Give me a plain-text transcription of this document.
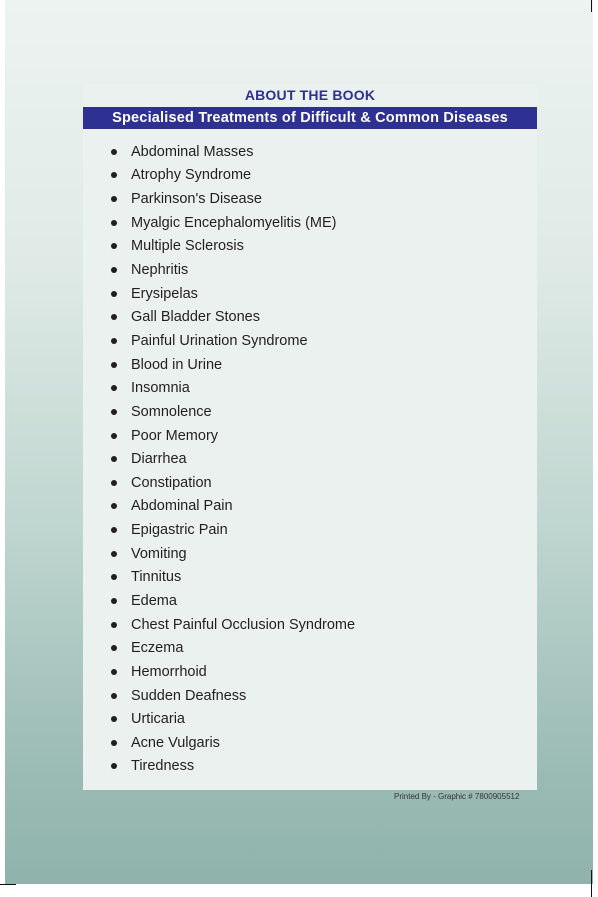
ABOUT THE BOOK
Specialised Treatments of Difficult & Common Diseases
Abdominal Masses
Atrophy Syndrome
Parkinson's Disease
Myalgic Encephalomyelitis (ME)
Multiple Sclerosis
Nephritis
Erysipelas
Gall Bladder Stones
Painful Urination Syndrome
Blood in Urine
Insomnia
Somnolence
Poor Memory
Diarrhea
Constipation
Abdominal Pain
Epigastric Pain
Vomiting
Tinnitus
Edema
Chest Painful Occlusion Syndrome
Eczema
Hemorrhoid
Sudden Deafness
Urticaria
Acne Vulgaris
Tiredness
Printed By - Graphic # 7800905512
